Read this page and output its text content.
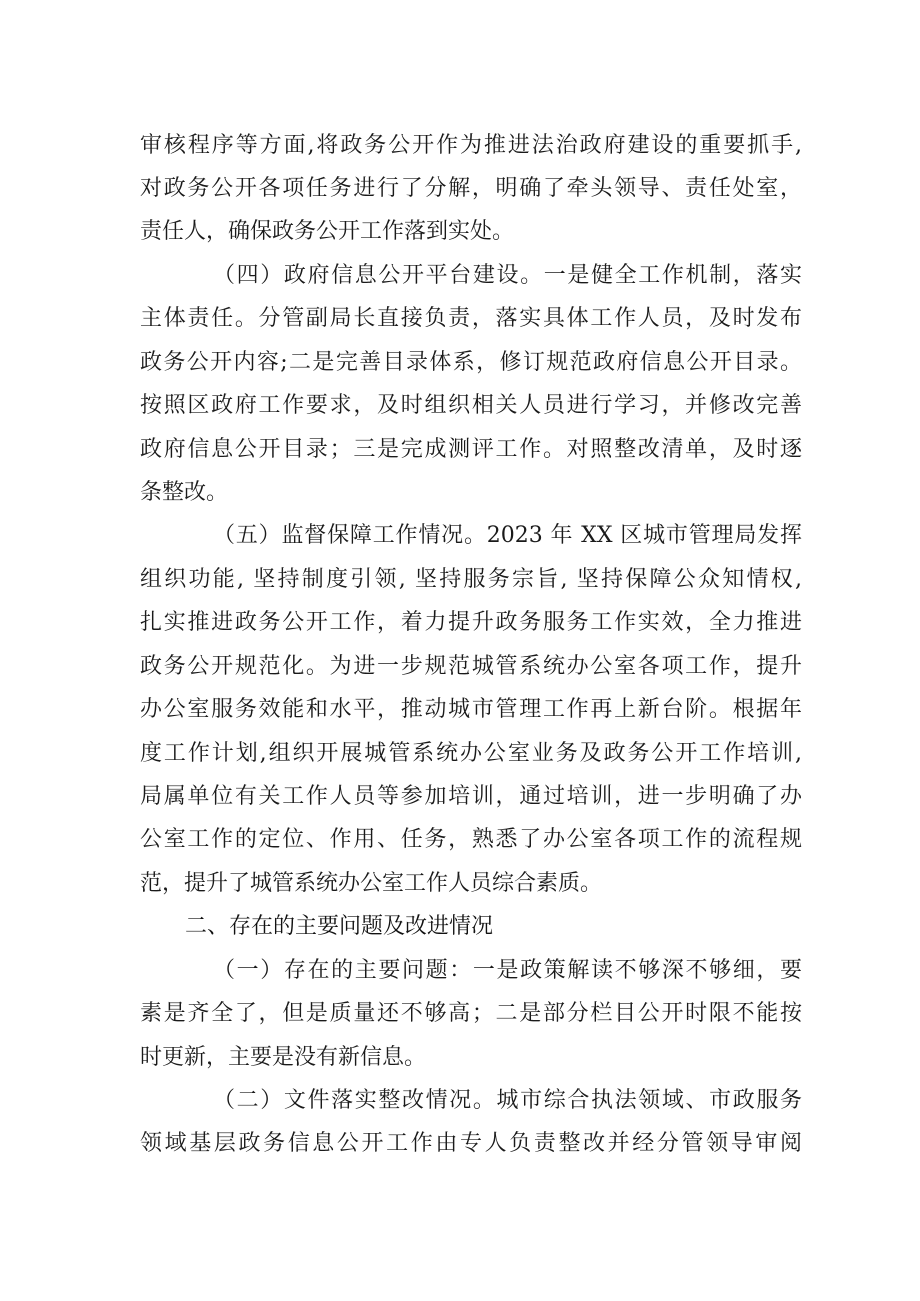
审核程序等方面,将政务公开作为推进法治政府建设的重要抓手,
对政务公开各项任务进行了分解，明确了牵头领导、责任处室，
责任人，确保政务公开工作落到实处。
（四）政府信息公开平台建设。一是健全工作机制，落实
主体责任。分管副局长直接负责，落实具体工作人员，及时发布
政务公开内容;二是完善目录体系，修订规范政府信息公开目录。
按照区政府工作要求，及时组织相关人员进行学习，并修改完善
政府信息公开目录；三是完成测评工作。对照整改清单，及时逐
条整改。
（五）监督保障工作情况。2023 年 XX 区城市管理局发挥
组织功能, 坚持制度引领, 坚持服务宗旨, 坚持保障公众知情权,
扎实推进政务公开工作，着力提升政务服务工作实效，全力推进
政务公开规范化。为进一步规范城管系统办公室各项工作，提升
办公室服务效能和水平，推动城市管理工作再上新台阶。根据年
度工作计划,组织开展城管系统办公室业务及政务公开工作培训,
局属单位有关工作人员等参加培训，通过培训，进一步明确了办
公室工作的定位、作用、任务，熟悉了办公室各项工作的流程规
范，提升了城管系统办公室工作人员综合素质。
二、存在的主要问题及改进情况
（一）存在的主要问题：一是政策解读不够深不够细，要
素是齐全了，但是质量还不够高；二是部分栏目公开时限不能按
时更新，主要是没有新信息。
（二）文件落实整改情况。城市综合执法领域、市政服务
领域基层政务信息公开工作由专人负责整改并经分管领导审阅
